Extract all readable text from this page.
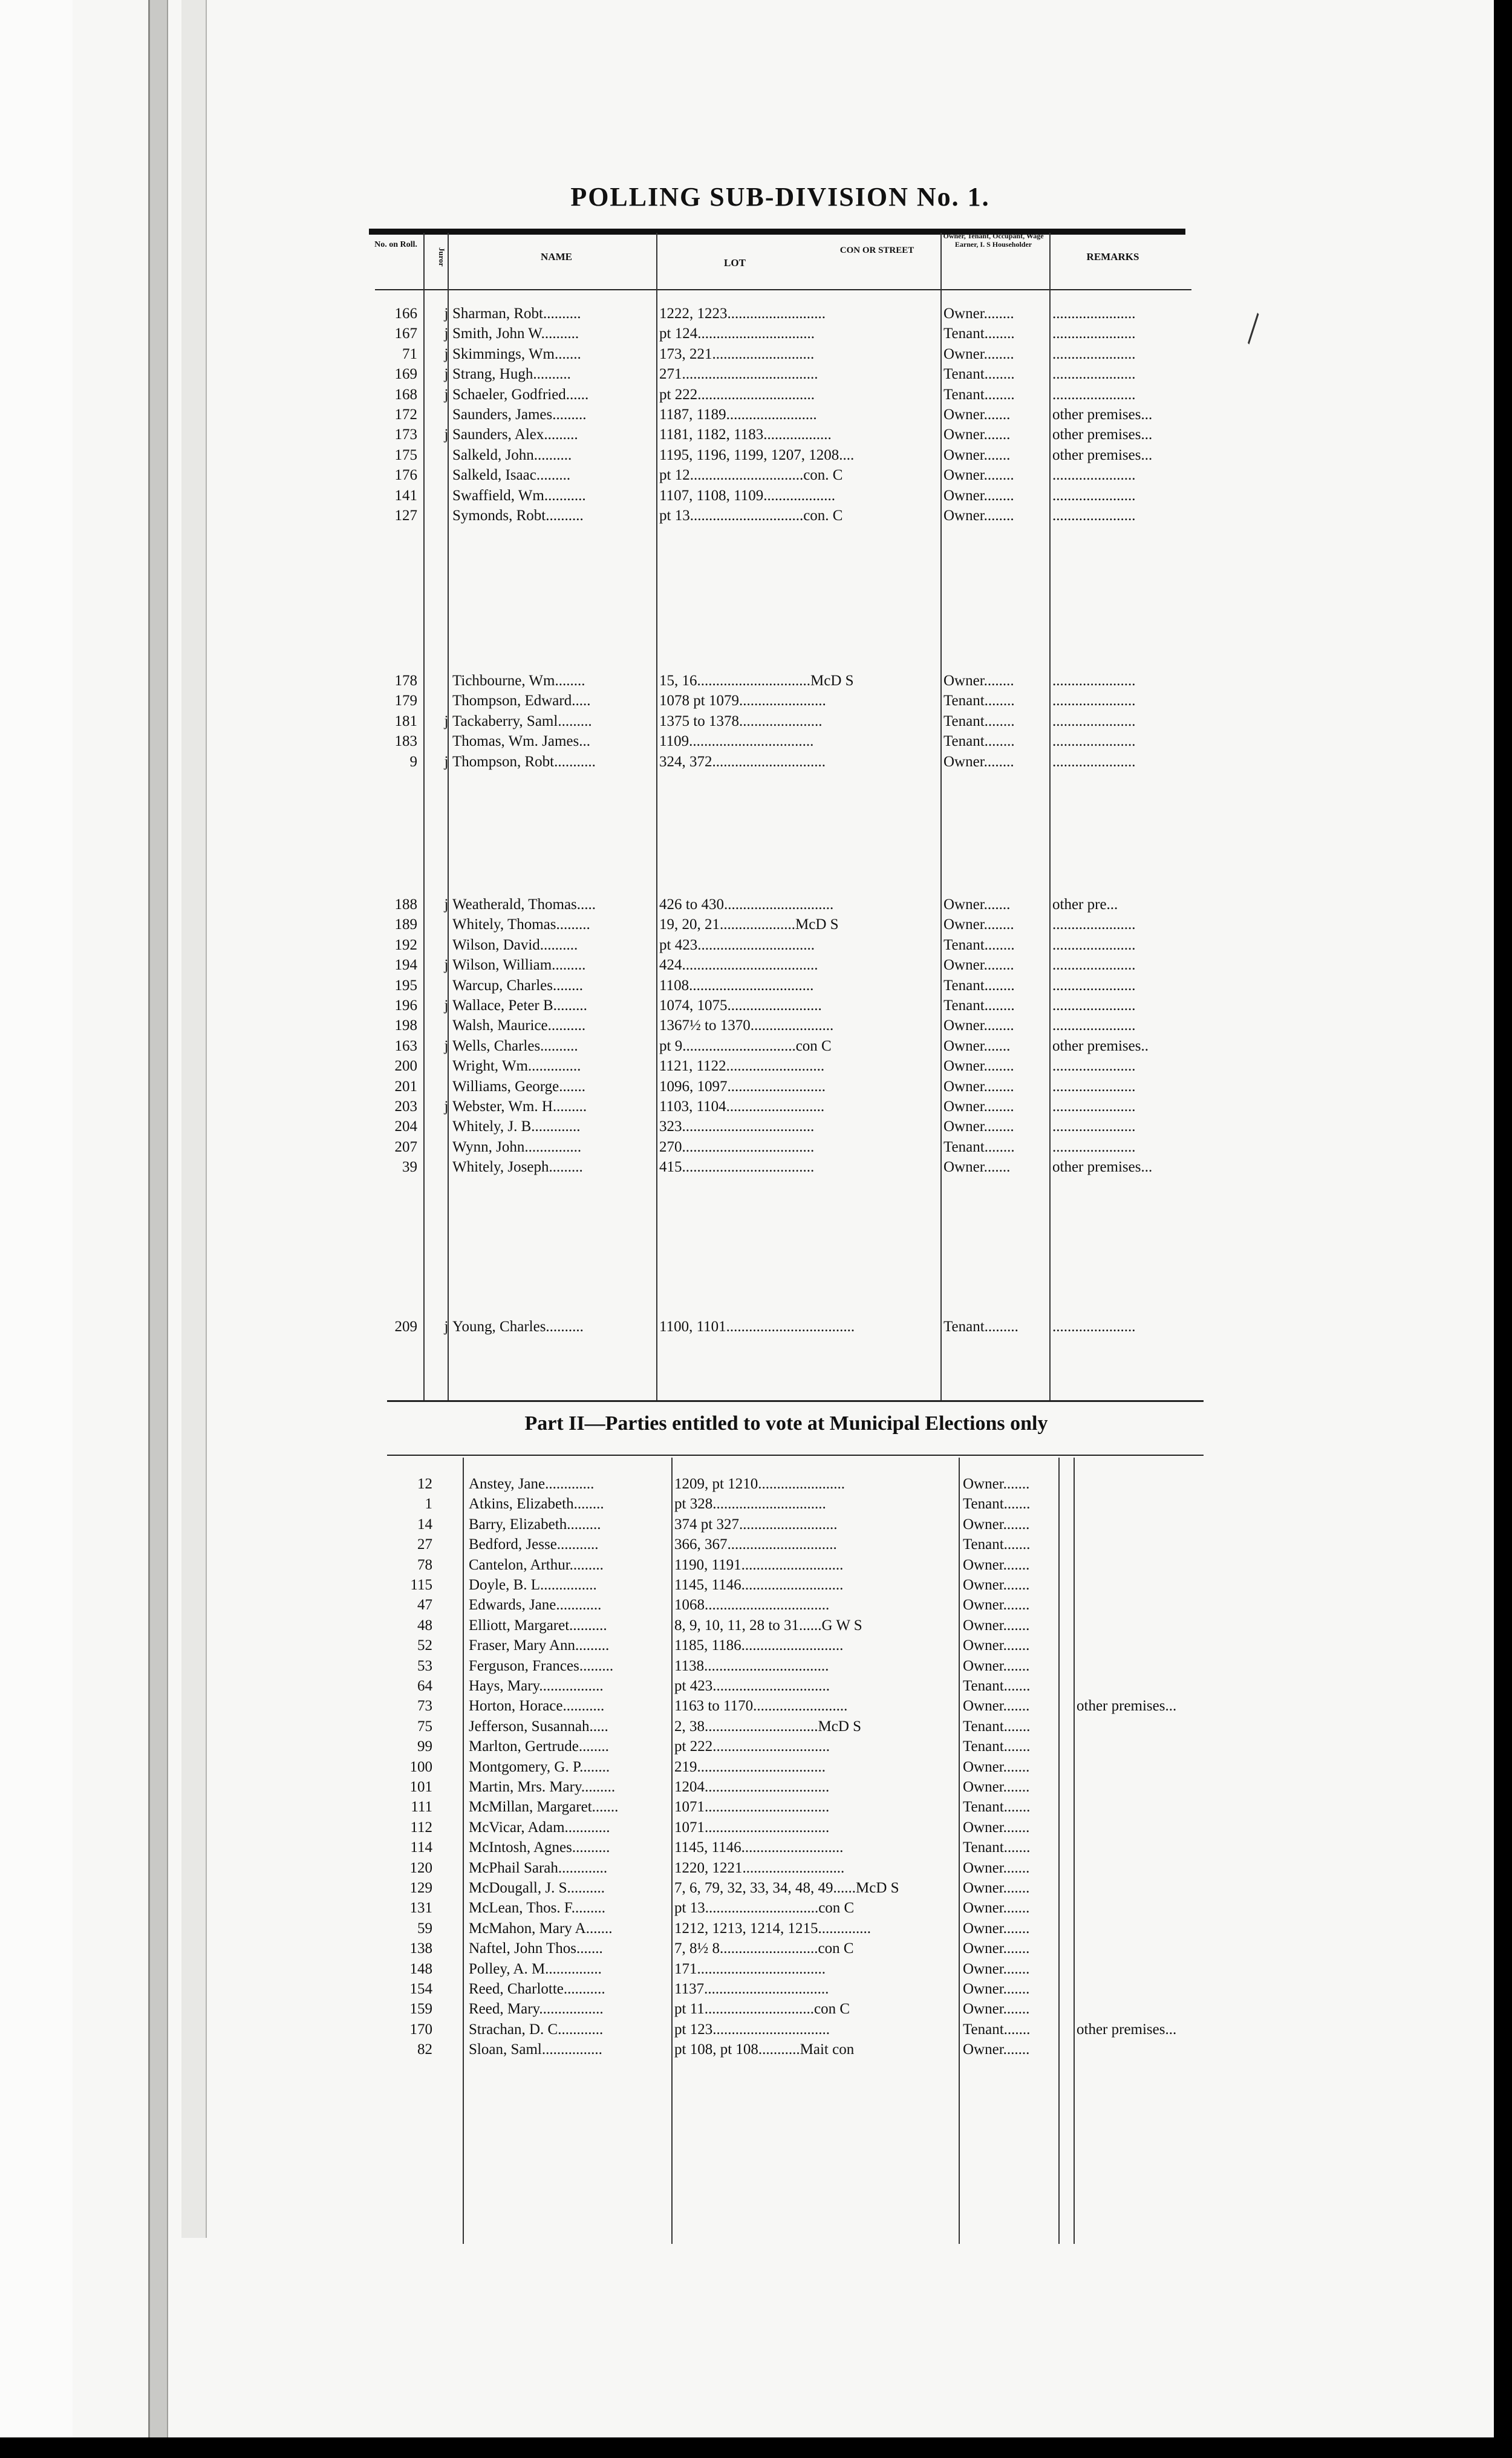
POLLING SUB-DIVISION No. 1.
No. on Roll.
Juror	NAME
LOT
CON OR STREET
Owner, Tenant, Occupant, Wage Earner, I. S Householder
REMARKS
166 j Sharman, Robt..........	1222, 1223..........................	Owner........	......................
167 j Smith, John W..........	pt 124...............................	Tenant........ ......................
71 j Skimmings, Wm.......	173, 221...........................	Owner........	......................
169 j Strang, Hugh..........	271....................................	Tenant........ ......................
168 j Schaeler, Godfried......	pt 222...............................	Tenant........ ......................
172 Saunders, James.........	1187, 1189........................	Owner.......	other premises...
173 j Saunders, Alex.........	1181, 1182, 1183..................	Owner.......	other premises...
175 Salkeld, John..........	1195, 1196, 1199, 1207, 1208....	Owner.......	other premises...
176 Salkeld, Isaac.........	pt 12..............................con. C	Owner........	......................
141 Swaffield, Wm...........	1107, 1108, 1109...................	Owner........	......................
127 Symonds, Robt..........	pt 13..............................con. C	Owner........	......................
178 Tichbourne, Wm........	15, 16..............................McD S	Owner........	......................
179 Thompson, Edward.....	1078 pt 1079.......................	Tenant........ ......................
181 j Tackaberry, Saml.........	1375 to 1378......................	Tenant........ ......................
183 Thomas, Wm. James...	1109.................................	Tenant........ ......................
9 j Thompson, Robt...........	324, 372..............................	Owner........	......................
188 j Weatherald, Thomas.....	426 to 430.............................	Owner.......	other pre...
189 Whitely, Thomas.........	19, 20, 21....................McD S	Owner........	......................
192 Wilson, David..........	pt 423...............................	Tenant........ ......................
194 j Wilson, William.........	424....................................	Owner........	......................
195 Warcup, Charles........	1108.................................	Tenant........ ......................
196 j Wallace, Peter B.........	1074, 1075.........................	Tenant........ ......................
198 Walsh, Maurice..........	1367½ to 1370......................	Owner........	......................
163 j Wells, Charles..........	pt 9..............................con C	Owner.......	other premises..
200 Wright, Wm..............	1121, 1122..........................	Owner........	......................
201 Williams, George.......	1096, 1097..........................	Owner........	......................
203 j Webster, Wm. H.........	1103, 1104..........................	Owner........	......................
204 Whitely, J. B.............	323...................................	Owner........	......................
207 Wynn, John...............	270...................................	Tenant........ ......................
39 Whitely, Joseph.........	415...................................	Owner.......	other premises...
209 j Young, Charles..........	1100, 1101..................................	Tenant......... ......................
Part II—Parties entitled to vote at Municipal Elections only
12 Anstey, Jane.............	1209, pt 1210.......................	Owner.......
1 Atkins, Elizabeth........	pt 328..............................	Tenant.......
14 Barry, Elizabeth.........	374 pt 327..........................	Owner.......
27 Bedford, Jesse...........	366, 367.............................	Tenant.......
78 Cantelon, Arthur.........	1190, 1191...........................	Owner.......
115 Doyle, B. L...............	1145, 1146...........................	Owner.......
47 Edwards, Jane............	1068.................................	Owner.......
48 Elliott, Margaret..........	8, 9, 10, 11, 28 to 31......G W S	Owner.......
52 Fraser, Mary Ann.........	1185, 1186...........................	Owner.......
53 Ferguson, Frances.........	1138.................................	Owner.......
64 Hays, Mary.................	pt 423...............................	Tenant.......
73 Horton, Horace...........	1163 to 1170.........................	Owner.......	other premises...
75 Jefferson, Susannah.....	2, 38..............................McD S	Tenant.......
99 Marlton, Gertrude........	pt 222...............................	Tenant.......
100 Montgomery, G. P........	219..................................	Owner.......
101 Martin, Mrs. Mary.........	1204.................................	Owner.......
111 McMillan, Margaret.......	1071.................................	Tenant.......
112 McVicar, Adam............	1071.................................	Owner.......
114 McIntosh, Agnes..........	1145, 1146...........................	Tenant.......
120 McPhail Sarah.............	1220, 1221...........................	Owner.......
129 McDougall, J. S..........	7, 6, 79, 32, 33, 34, 48, 49......McD S	Owner.......
131 McLean, Thos. F.........	pt 13..............................con C	Owner.......
59 McMahon, Mary A.......	1212, 1213, 1214, 1215..............	Owner.......
138 Naftel, John Thos.......	7, 8½ 8..........................con C	Owner.......
148 Polley, A. M...............	171..................................	Owner.......
154 Reed, Charlotte...........	1137.................................	Owner.......
159 Reed, Mary.................	pt 11.............................con C	Owner.......
170 Strachan, D. C............	pt 123...............................	Tenant.......	other premises...
82 Sloan, Saml................	pt 108, pt 108...........Mait con	Owner.......
╲
